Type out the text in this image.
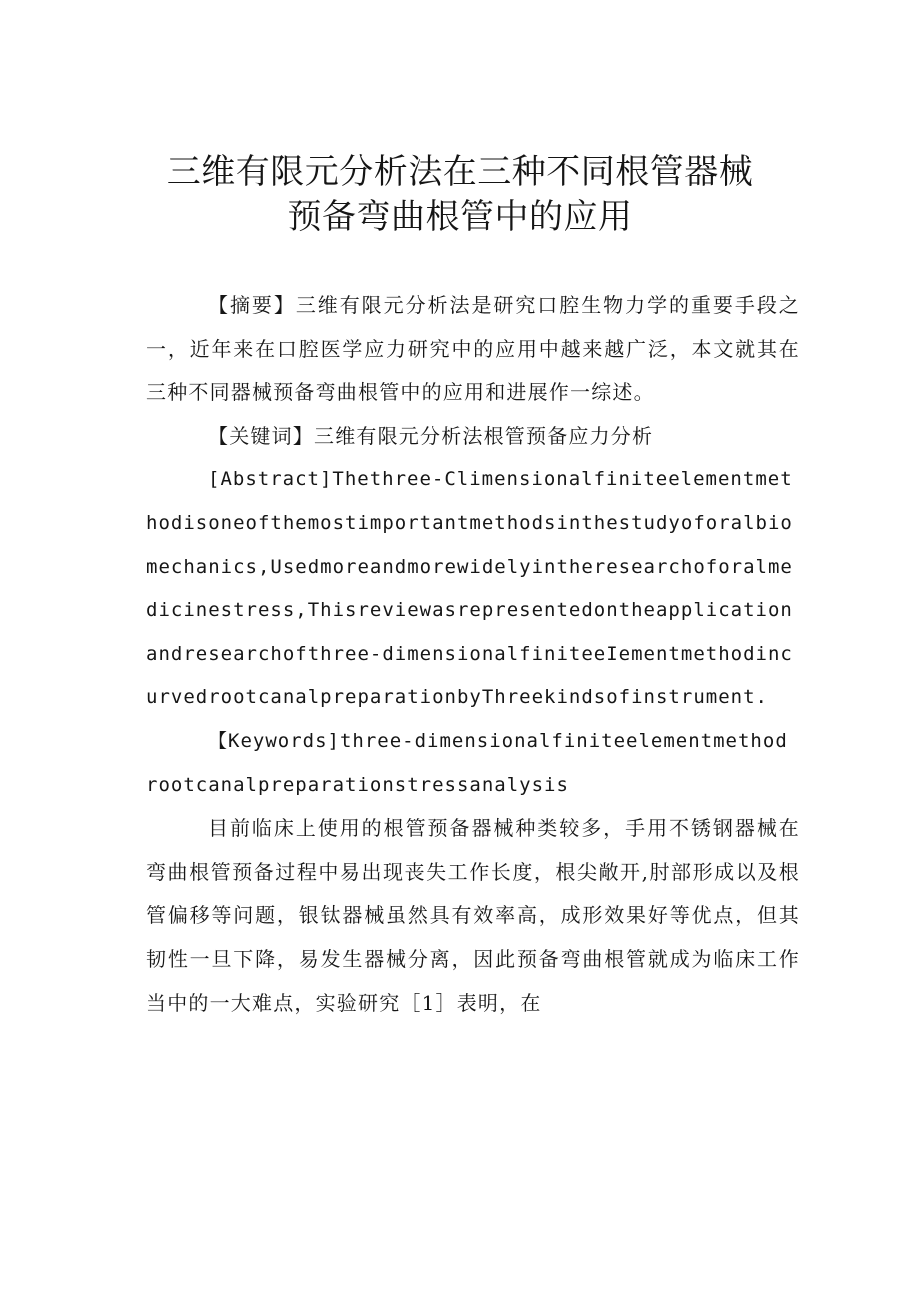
三维有限元分析法在三种不同根管器械
预备弯曲根管中的应用

【摘要】三维有限元分析法是研究口腔生物力学的重要手段之一，近年来在口腔医学应力研究中的应用中越来越广泛，本文就其在三种不同器械预备弯曲根管中的应用和进展作一综述。

【关键词】三维有限元分析法根管预备应力分析

[Abstract]Thethree-Climensionalfiniteelementmethodisoneofthemostimportantmethodsinthestudyoforalbiomechanics,Usedmoreandmorewidelyintheresearchoforalmedicinestress,Thisreviewasrepresentedontheapplicationandresearchofthree-dimensionalfiniteeIementmethodincurvedrootcanalpreparationbyThreekindsofinstrument.

【Keywords]three-dimensionalfiniteelementmethodrootcanalpreparationstressanalysis

目前临床上使用的根管预备器械种类较多，手用不锈钢器械在弯曲根管预备过程中易出现丧失工作长度，根尖敞开,肘部形成以及根管偏移等问题，银钛器械虽然具有效率高，成形效果好等优点，但其韧性一旦下降，易发生器械分离，因此预备弯曲根管就成为临床工作当中的一大难点，实验研究［1］表明，在
